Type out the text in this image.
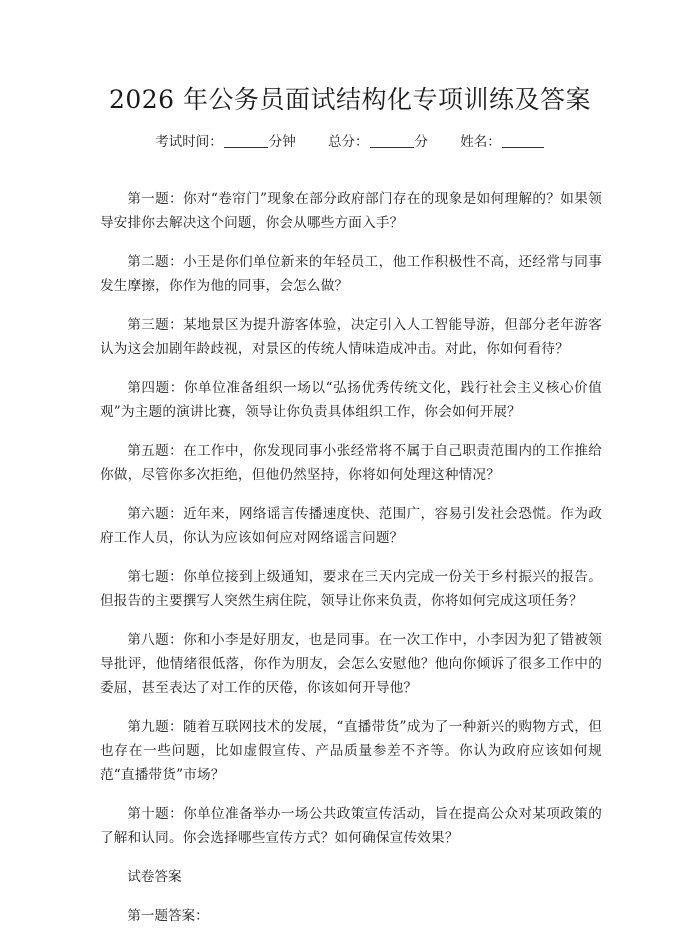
2026 年公务员面试结构化专项训练及答案
考试时间：	分钟 总分：	分 姓名：

第一题：你对“卷帘门”现象在部分政府部门存在的现象是如何理解的？如果领导安排你去解决这个问题，你会从哪些方面入手？

第二题：小王是你们单位新来的年轻员工，他工作积极性不高，还经常与同事发生摩擦，你作为他的同事，会怎么做？

第三题：某地景区为提升游客体验，决定引入人工智能导游，但部分老年游客认为这会加剧年龄歧视，对景区的传统人情味造成冲击。对此，你如何看待？

第四题：你单位准备组织一场以“弘扬优秀传统文化，践行社会主义核心价值观”为主题的演讲比赛，领导让你负责具体组织工作，你会如何开展？

第五题：在工作中，你发现同事小张经常将不属于自己职责范围内的工作推给你做，尽管你多次拒绝，但他仍然坚持，你将如何处理这种情况？

第六题：近年来，网络谣言传播速度快、范围广，容易引发社会恐慌。作为政府工作人员，你认为应该如何应对网络谣言问题？

第七题：你单位接到上级通知，要求在三天内完成一份关于乡村振兴的报告。但报告的主要撰写人突然生病住院，领导让你来负责，你将如何完成这项任务？

第八题：你和小李是好朋友，也是同事。在一次工作中，小李因为犯了错被领导批评，他情绪很低落，你作为朋友，会怎么安慰他？他向你倾诉了很多工作中的委屈，甚至表达了对工作的厌倦，你该如何开导他？

第九题：随着互联网技术的发展，“直播带货”成为了一种新兴的购物方式，但也存在一些问题，比如虚假宣传、产品质量参差不齐等。你认为政府应该如何规范“直播带货”市场？

第十题：你单位准备举办一场公共政策宣传活动，旨在提高公众对某项政策的了解和认同。你会选择哪些宣传方式？如何确保宣传效果？

试卷答案

第一题答案：
